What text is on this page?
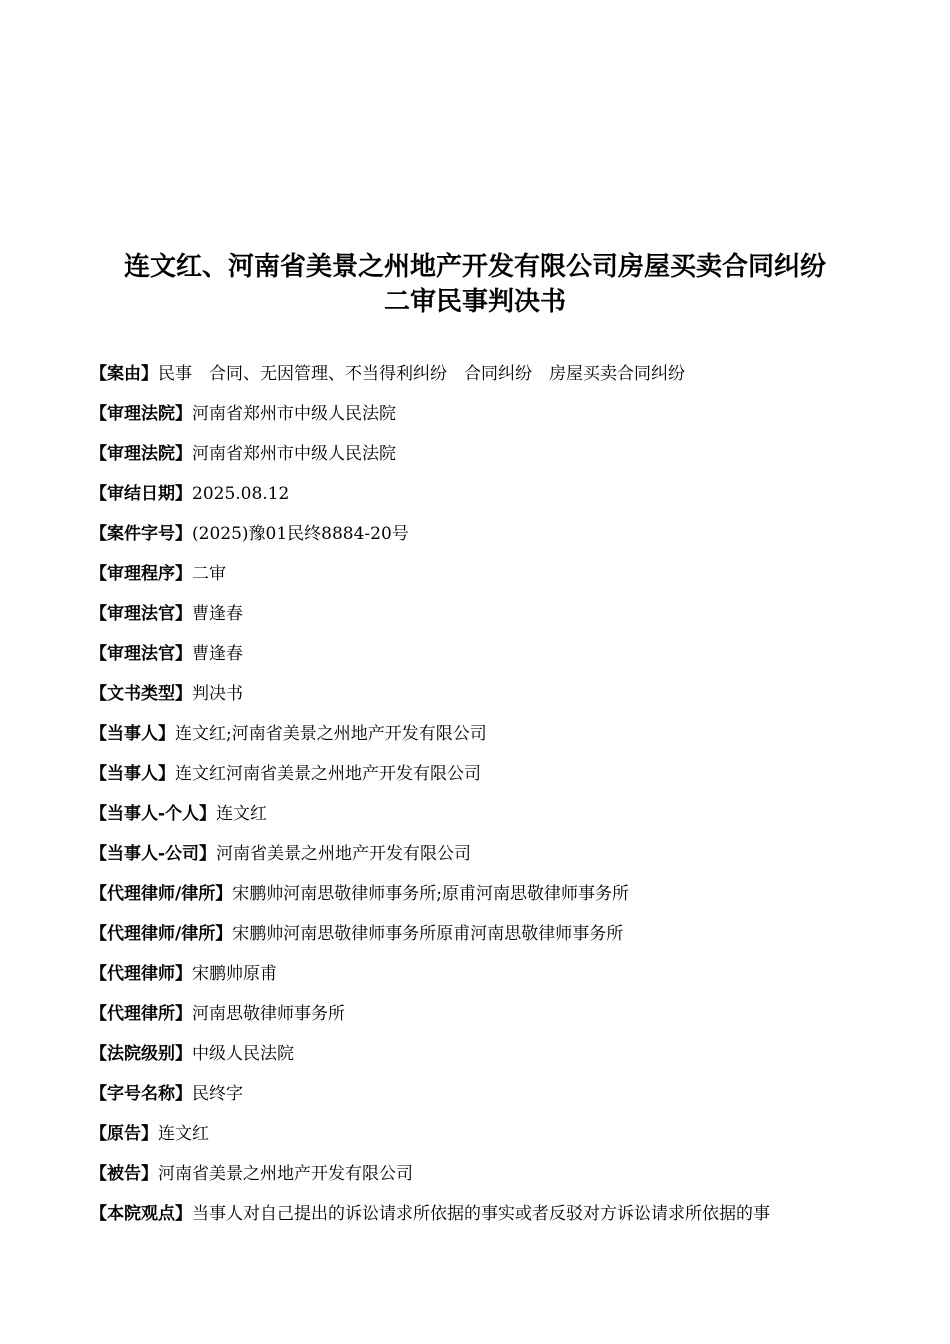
连文红、河南省美景之州地产开发有限公司房屋买卖合同纠纷
二审民事判决书
【案由】民事　合同、无因管理、不当得利纠纷　合同纠纷　房屋买卖合同纠纷
【审理法院】河南省郑州市中级人民法院
【审理法院】河南省郑州市中级人民法院
【审结日期】2025.08.12
【案件字号】(2025)豫01民终8884-20号
【审理程序】二审
【审理法官】曹逢春
【审理法官】曹逢春
【文书类型】判决书
【当事人】连文红;河南省美景之州地产开发有限公司
【当事人】连文红河南省美景之州地产开发有限公司
【当事人-个人】连文红
【当事人-公司】河南省美景之州地产开发有限公司
【代理律师/律所】宋鹏帅河南思敬律师事务所;原甫河南思敬律师事务所
【代理律师/律所】宋鹏帅河南思敬律师事务所原甫河南思敬律师事务所
【代理律师】宋鹏帅原甫
【代理律所】河南思敬律师事务所
【法院级别】中级人民法院
【字号名称】民终字
【原告】连文红
【被告】河南省美景之州地产开发有限公司
【本院观点】当事人对自己提出的诉讼请求所依据的事实或者反驳对方诉讼请求所依据的事
